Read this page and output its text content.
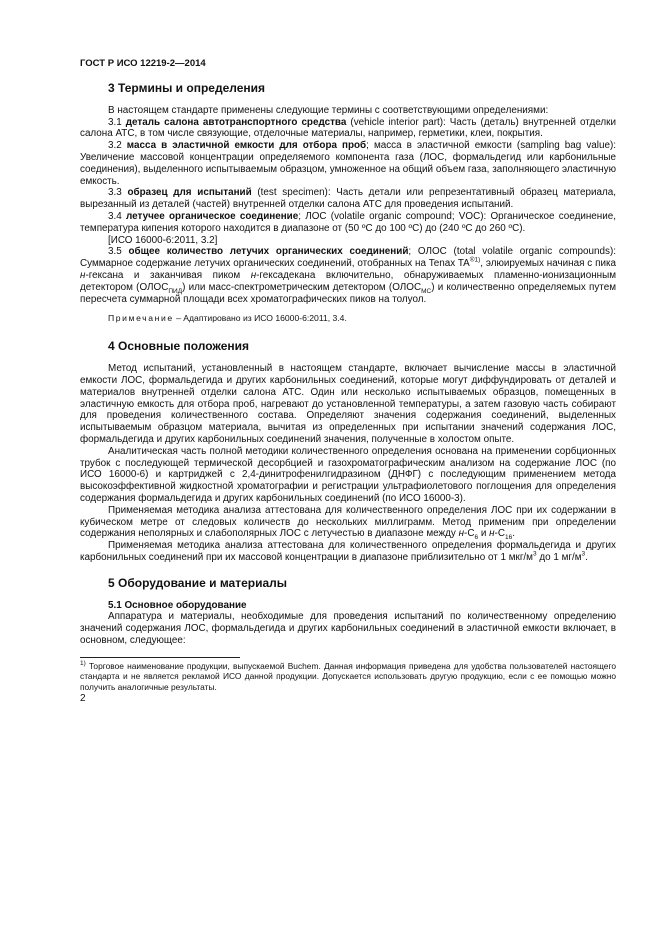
ГОСТ Р ИСО 12219-2—2014
3 Термины и определения

В настоящем стандарте применены следующие термины с соответствующими определениями:

3.1 деталь салона автотранспортного средства (vehicle interior part): Часть (деталь) внутренней отделки салона АТС, в том числе связующие, отделочные материалы, например, герметики, клеи, покрытия.

3.2 масса в эластичной емкости для отбора проб; масса в эластичной емкости (sampling bag value): Увеличение массовой концентрации определяемого компонента газа (ЛОС, формальдегид или карбонильные соединения), выделенного испытываемым образцом, умноженное на общий объем газа, заполняющего эластичную емкость.

3.3 образец для испытаний (test specimen): Часть детали или репрезентативный образец материала, вырезанный из деталей (частей) внутренней отделки салона АТС для проведения испытаний.

3.4 летучее органическое соединение; ЛОС (volatile organic compound; VOC): Органическое соединение, температура кипения которого находится в диапазоне от (50 ºС до 100 ºС) до (240 ºС до 260 ºС).

[ИСО 16000-6:2011, 3.2]

3.5 общее количество летучих органических соединений; ОЛОС (total volatile organic compounds): Суммарное содержание летучих органических соединений, отобранных на Tenax $TA^{®1)}$, элюируемых начиная с пика н-гексана и заканчивая пиком н-гексадекана включительно, обнаруживаемых пламенно-ионизационным детектором $(ОЛОС_{ПИД})$ или масс-спектрометрическим детектором $(ОЛОС_{МС})$ и количественно определяемых путем пересчета суммарной площади всех хроматографических пиков на толуол.

Примечание – Адаптировано из ИСО 16000-6:2011, 3.4.

4 Основные положения

Метод испытаний, установленный в настоящем стандарте, включает вычисление массы в эластичной емкости ЛОС, формальдегида и других карбонильных соединений, которые могут диффундировать от деталей и материалов внутренней отделки салона АТС. Один или несколько испытываемых образцов, помещенных в эластичную емкость для отбора проб, нагревают до установленной температуры, а затем газовую часть собирают для проведения количественного состава. Определяют значения содержания соединений, выделенных испытываемым образцом материала, вычитая из определенных при испытании значений содержания ЛОС, формальдегида и других карбонильных соединений значения, полученные в холостом опыте.

Аналитическая часть полной методики количественного определения основана на применении сорбционных трубок с последующей термической десорбцией и газохроматографическим анализом на содержание ЛОС (по ИСО 16000-6) и картриджей с 2,4-динитрофенилгидразином (ДНФГ) с последующим применением метода высокоэффективной жидкостной хроматографии и регистрации ультрафиолетового поглощения для определения содержания формальдегида и других карбонильных соединений (по ИСО 16000-3).

Применяемая методика анализа аттестована для количественного определения ЛОС при их содержании в кубическом метре от следовых количеств до нескольких миллиграмм. Метод применим при определении содержания неполярных и слабополярных ЛОС с летучестью в диапазоне между $н-С_6$ и $н-С_{16}$.

Применяемая методика анализа аттестована для количественного определения формальдегида и других карбонильных соединений при их массовой концентрации в диапазоне приблизительно от 1 мкг/$м^3$ до 1 $мг/м^3$.

5 Оборудование и материалы

5.1 Основное оборудование

Аппаратура и материалы, необходимые для проведения испытаний по количественному определению значений содержания ЛОС, формальдегида и других карбонильных соединений в эластичной емкости включает, в основном, следующее:

$^{1)}$ Торговое наименование продукции, выпускаемой Buchem. Данная информация приведена для удобства пользователей настоящего стандарта и не является рекламой ИСО данной продукции. Допускается использовать другую продукцию, если с ее помощью можно получить аналогичные результаты.

2
